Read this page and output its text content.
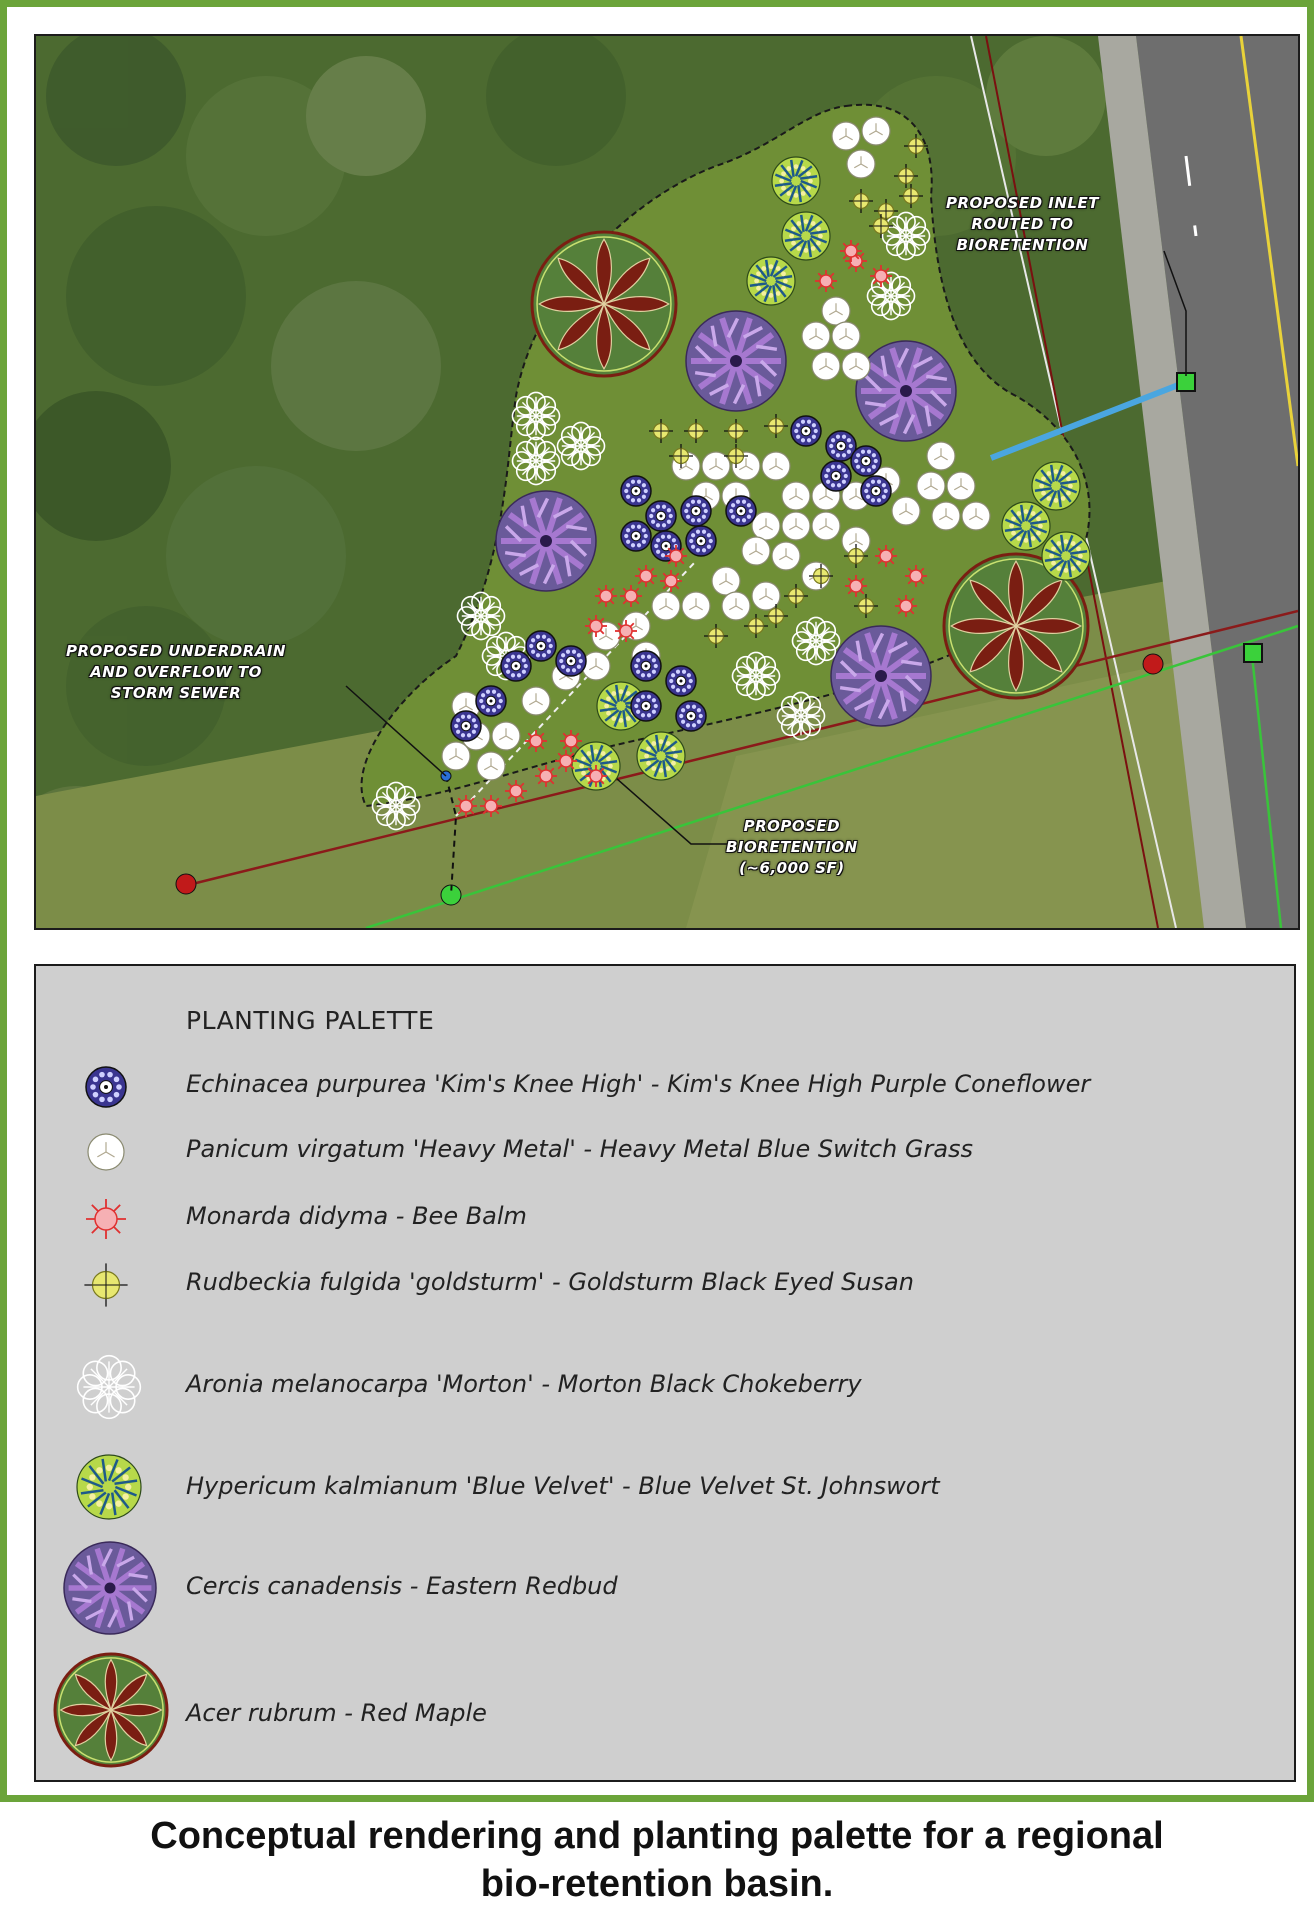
PROPOSED INLET
ROUTED TO
BIORETENTION
PROPOSED UNDERDRAIN
AND OVERFLOW TO
STORM SEWER
PROPOSED
BIORETENTION
(~6,000 SF)
PLANTING PALETTE
Echinacea purpurea 'Kim's Knee High' - Kim's Knee High Purple Coneflower
Panicum virgatum 'Heavy Metal' - Heavy Metal Blue Switch Grass
Monarda didyma - Bee Balm
Rudbeckia fulgida 'goldsturm' - Goldsturm Black Eyed Susan
Aronia melanocarpa 'Morton' - Morton Black Chokeberry
Hypericum kalmianum 'Blue Velvet' - Blue Velvet St. Johnswort
Cercis canadensis - Eastern Redbud
Acer rubrum - Red Maple
Conceptual rendering and planting palette for a regional
bio-retention basin.
